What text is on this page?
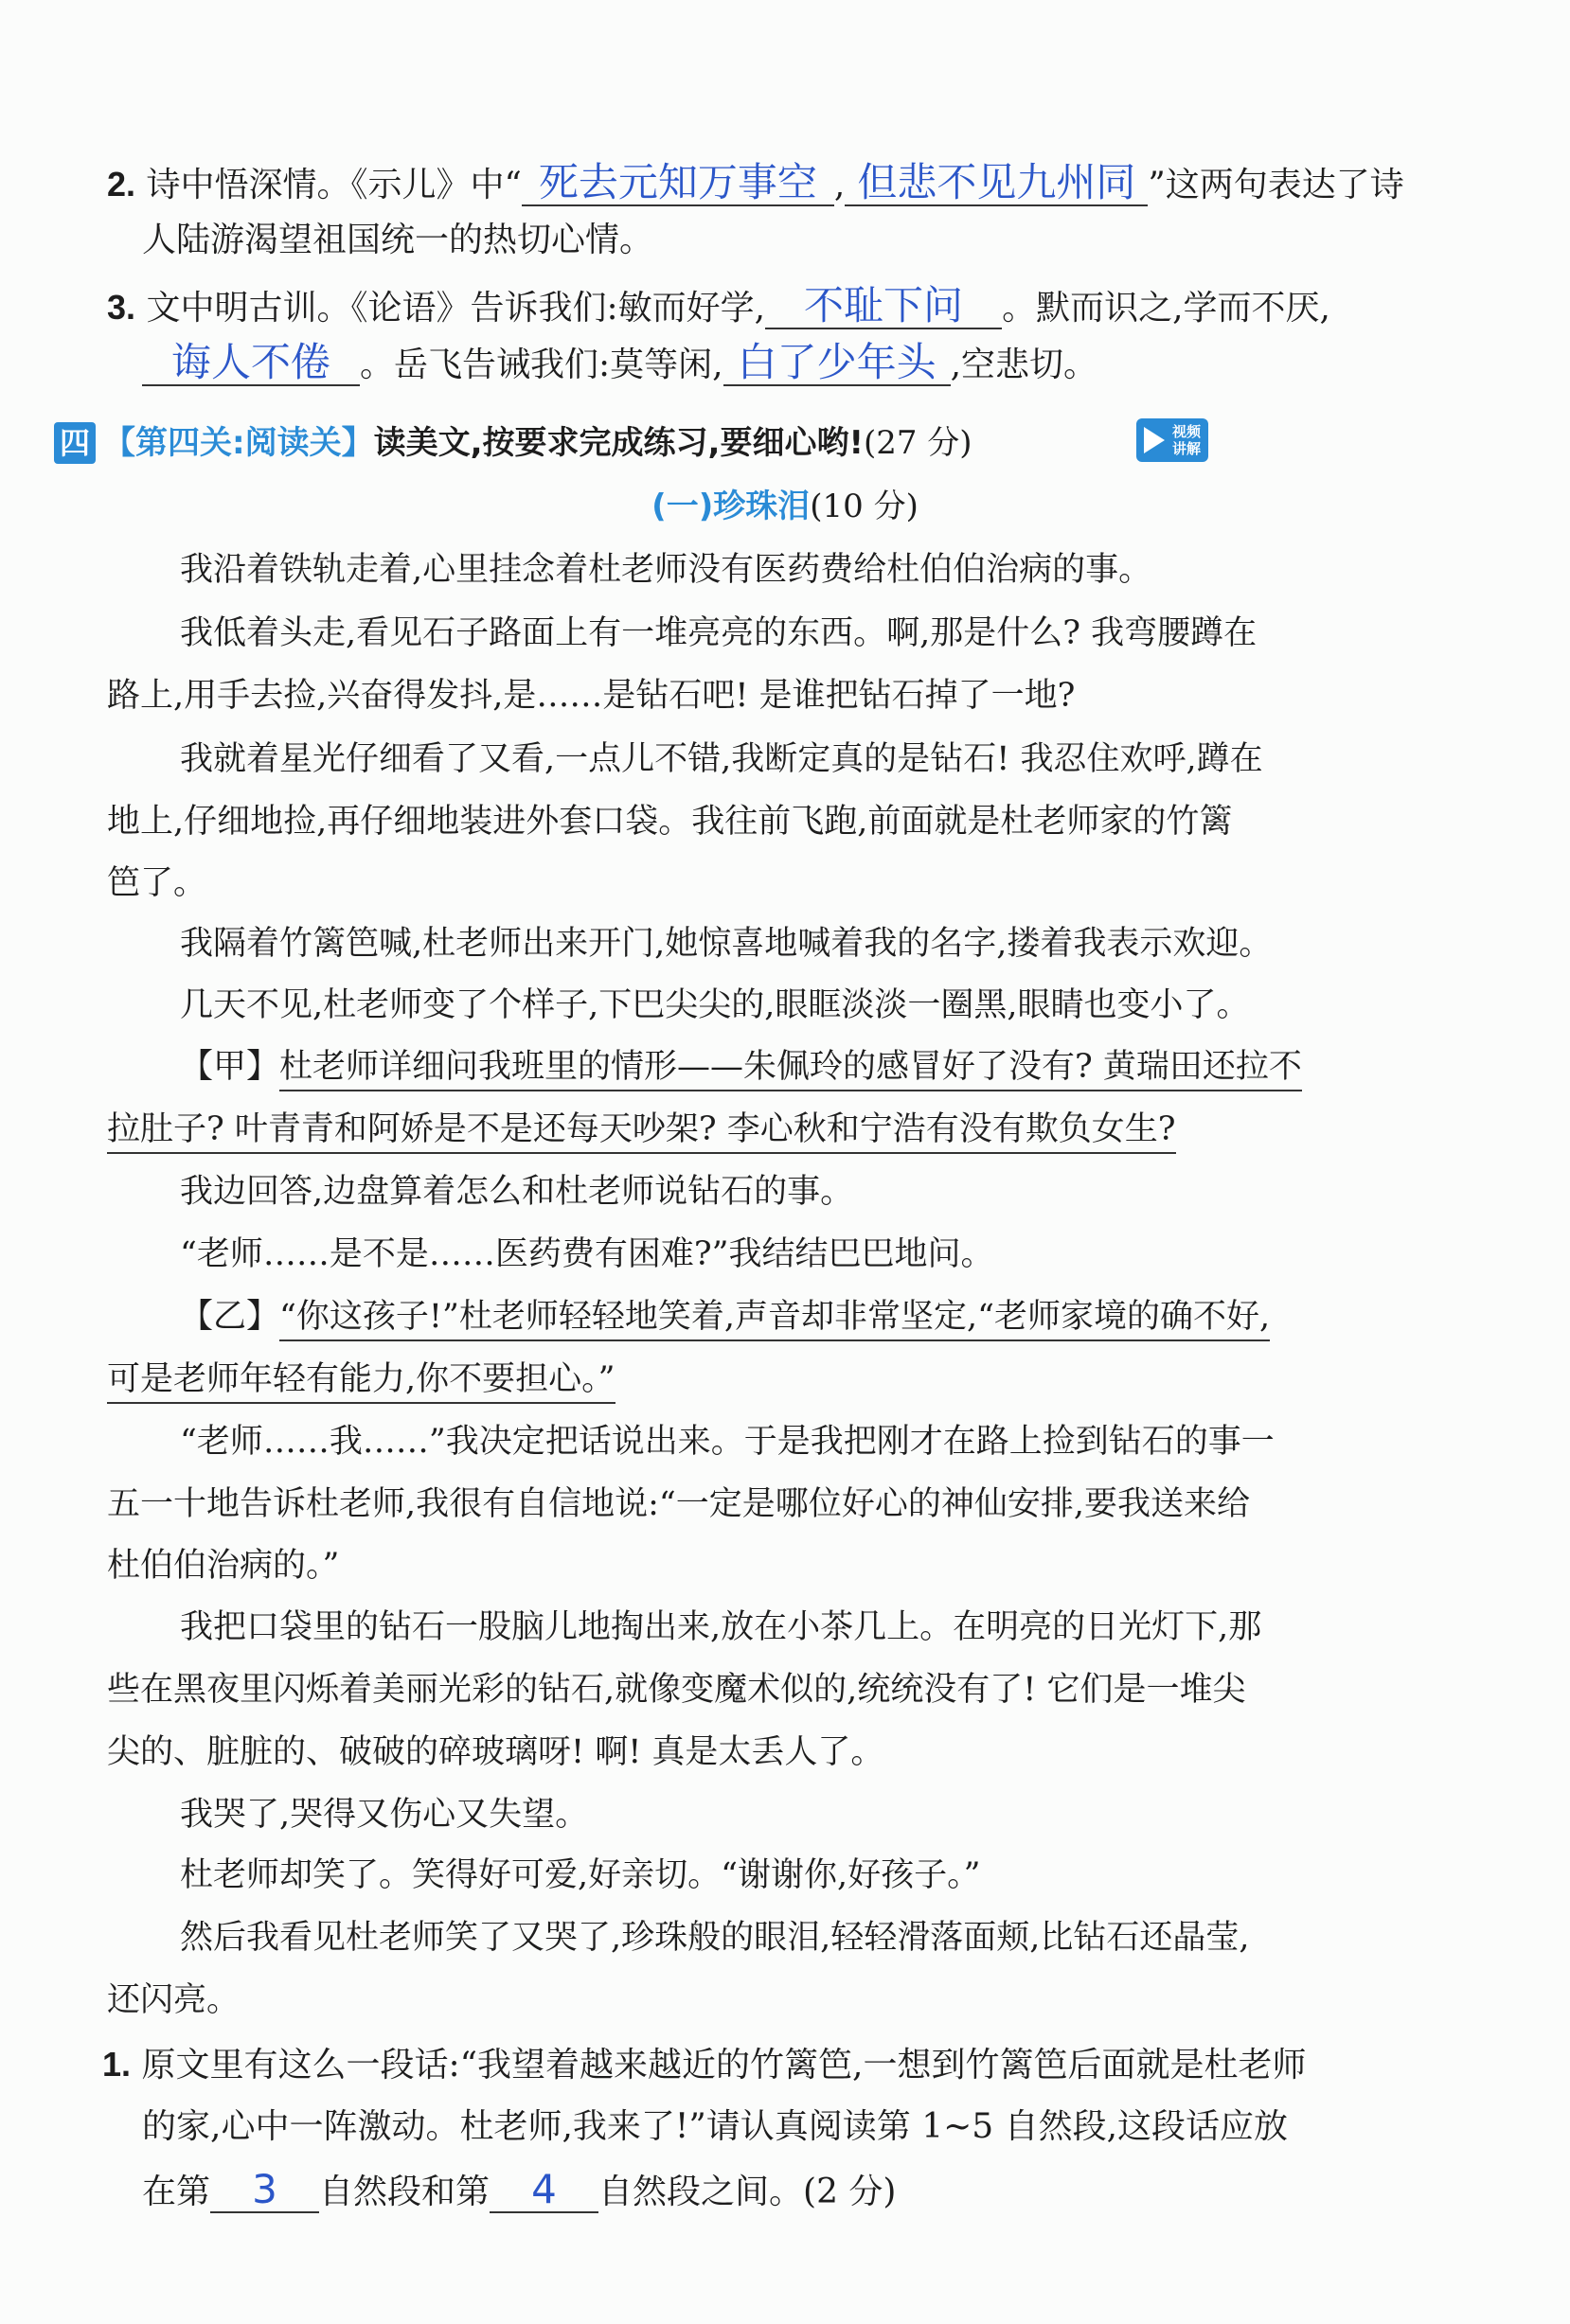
2. 诗中悟深情。《示儿》中“ 死去元知万事空 , 但悲不见九州同 ”这两句表达了诗
人陆游渴望祖国统一的热切心情。
3. 文中明古训。《论语》告诉我们:敏而好学, 不耻下问 。默而识之,学而不厌,
诲人不倦 。岳飞告诫我们:莫等闲, 白了少年头 ,空悲切。
四 【第四关:阅读关】读美文,按要求完成练习,要细心哟!(27 分)	视频
讲解
(一)珍珠泪(10 分)
我沿着铁轨走着,心里挂念着杜老师没有医药费给杜伯伯治病的事。
我低着头走,看见石子路面上有一堆亮亮的东西。啊,那是什么? 我弯腰蹲在
路上,用手去捡,兴奋得发抖,是……是钻石吧! 是谁把钻石掉了一地?
我就着星光仔细看了又看,一点儿不错,我断定真的是钻石! 我忍住欢呼,蹲在
地上,仔细地捡,再仔细地装进外套口袋。我往前飞跑,前面就是杜老师家的竹篱
笆了。
我隔着竹篱笆喊,杜老师出来开门,她惊喜地喊着我的名字,搂着我表示欢迎。
几天不见,杜老师变了个样子,下巴尖尖的,眼眶淡淡一圈黑,眼睛也变小了。
【甲】杜老师详细问我班里的情形——朱佩玲的感冒好了没有? 黄瑞田还拉不
拉肚子? 叶青青和阿娇是不是还每天吵架? 李心秋和宁浩有没有欺负女生?
我边回答,边盘算着怎么和杜老师说钻石的事。
“老师……是不是……医药费有困难?”我结结巴巴地问。
【乙】“你这孩子!”杜老师轻轻地笑着,声音却非常坚定,“老师家境的确不好,
可是老师年轻有能力,你不要担心。”
“老师……我……”我决定把话说出来。于是我把刚才在路上捡到钻石的事一
五一十地告诉杜老师,我很有自信地说:“一定是哪位好心的神仙安排,要我送来给
杜伯伯治病的。”
我把口袋里的钻石一股脑儿地掏出来,放在小茶几上。在明亮的日光灯下,那
些在黑夜里闪烁着美丽光彩的钻石,就像变魔术似的,统统没有了! 它们是一堆尖
尖的、脏脏的、破破的碎玻璃呀! 啊! 真是太丢人了。
我哭了,哭得又伤心又失望。
杜老师却笑了。笑得好可爱,好亲切。“谢谢你,好孩子。”
然后我看见杜老师笑了又哭了,珍珠般的眼泪,轻轻滑落面颊,比钻石还晶莹,
还闪亮。
1. 原文里有这么一段话:“我望着越来越近的竹篱笆,一想到竹篱笆后面就是杜老师
的家,心中一阵激动。杜老师,我来了!”请认真阅读第 1~5 自然段,这段话应放
在第 3 自然段和第 4 自然段之间。(2 分)
